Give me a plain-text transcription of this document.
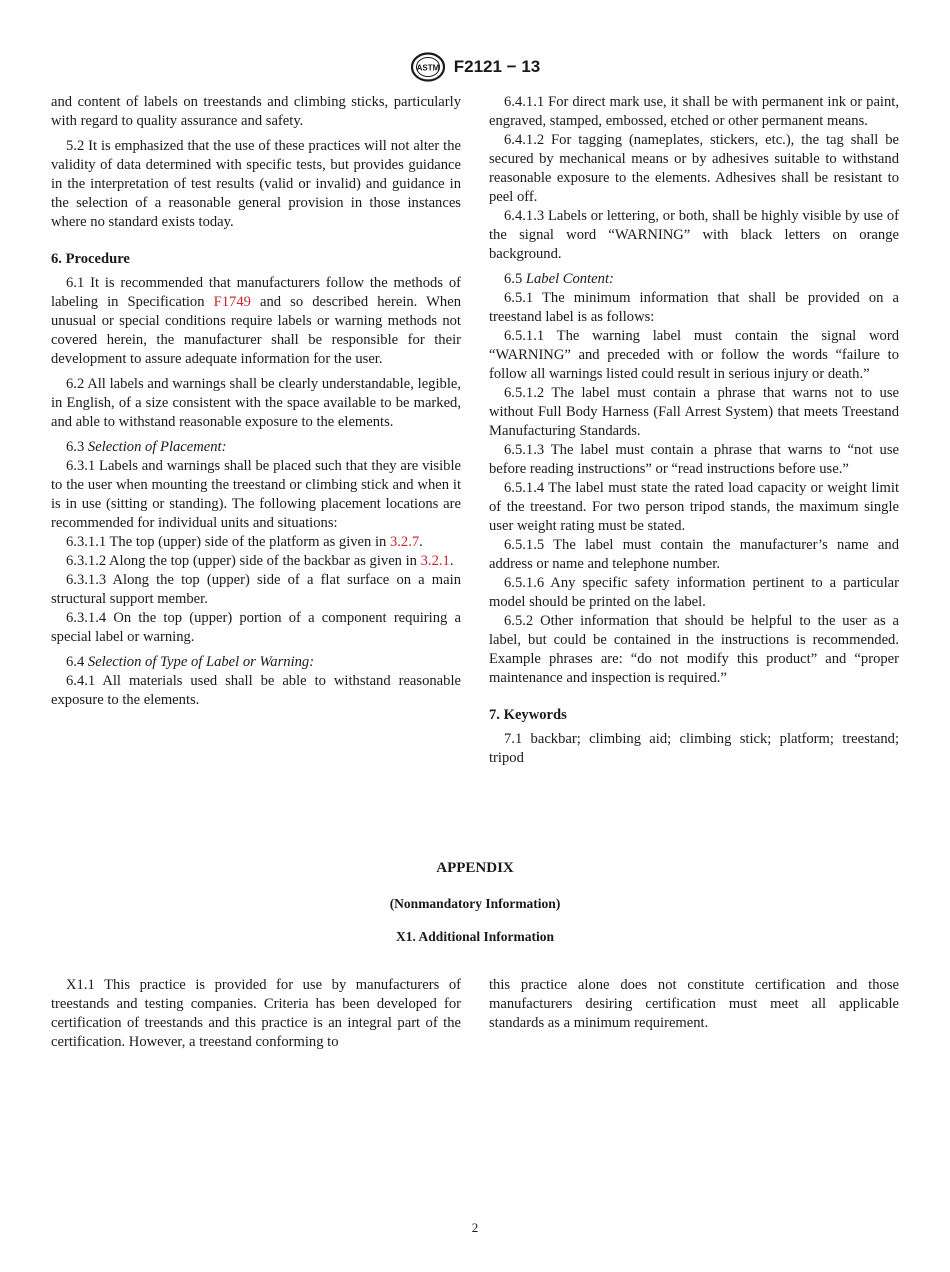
ASTM F2121 − 13

and content of labels on treestands and climbing sticks, particularly with regard to quality assurance and safety.

5.2 It is emphasized that the use of these practices will not alter the validity of data determined with specific tests, but provides guidance in the interpretation of test results (valid or invalid) and guidance in the selection of a reasonable general provision in those instances where no standard exists today.

6. Procedure

6.1 It is recommended that manufacturers follow the methods of labeling in Specification F1749 and so described herein. When unusual or special conditions require labels or warning methods not covered herein, the manufacturer shall be responsible for their development to assure adequate information for the user.

6.2 All labels and warnings shall be clearly understandable, legible, in English, of a size consistent with the space available to be marked, and able to withstand reasonable exposure to the elements.

6.3 Selection of Placement:

6.3.1 Labels and warnings shall be placed such that they are visible to the user when mounting the treestand or climbing stick and when it is in use (sitting or standing). The following placement locations are recommended for individual units and situations:

6.3.1.1 The top (upper) side of the platform as given in 3.2.7.

6.3.1.2 Along the top (upper) side of the backbar as given in 3.2.1.

6.3.1.3 Along the top (upper) side of a flat surface on a main structural support member.

6.3.1.4 On the top (upper) portion of a component requiring a special label or warning.

6.4 Selection of Type of Label or Warning:

6.4.1 All materials used shall be able to withstand reasonable exposure to the elements.

6.4.1.1 For direct mark use, it shall be with permanent ink or paint, engraved, stamped, embossed, etched or other permanent means.

6.4.1.2 For tagging (nameplates, stickers, etc.), the tag shall be secured by mechanical means or by adhesives suitable to withstand reasonable exposure to the elements. Adhesives shall be resistant to peel off.

6.4.1.3 Labels or lettering, or both, shall be highly visible by use of the signal word “WARNING” with black letters on orange background.

6.5 Label Content:

6.5.1 The minimum information that shall be provided on a treestand label is as follows:

6.5.1.1 The warning label must contain the signal word “WARNING” and preceded with or follow the words “failure to follow all warnings listed could result in serious injury or death.”

6.5.1.2 The label must contain a phrase that warns not to use without Full Body Harness (Fall Arrest System) that meets Treestand Manufacturing Standards.

6.5.1.3 The label must contain a phrase that warns to “not use before reading instructions” or “read instructions before use.”

6.5.1.4 The label must state the rated load capacity or weight limit of the treestand. For two person tripod stands, the maximum single user weight rating must be stated.

6.5.1.5 The label must contain the manufacturer’s name and address or name and telephone number.

6.5.1.6 Any specific safety information pertinent to a particular model should be printed on the label.

6.5.2 Other information that should be helpful to the user as a label, but could be contained in the instructions is recommended. Example phrases are: “do not modify this product” and “proper maintenance and inspection is required.”

7. Keywords

7.1 backbar; climbing aid; climbing stick; platform; treestand; tripod

APPENDIX

(Nonmandatory Information)

X1. Additional Information

X1.1 This practice is provided for use by manufacturers of treestands and testing companies. Criteria has been developed for certification of treestands and this practice is an integral part of the certification. However, a treestand conforming to

this practice alone does not constitute certification and those manufacturers desiring certification must meet all applicable standards as a minimum requirement.

2
